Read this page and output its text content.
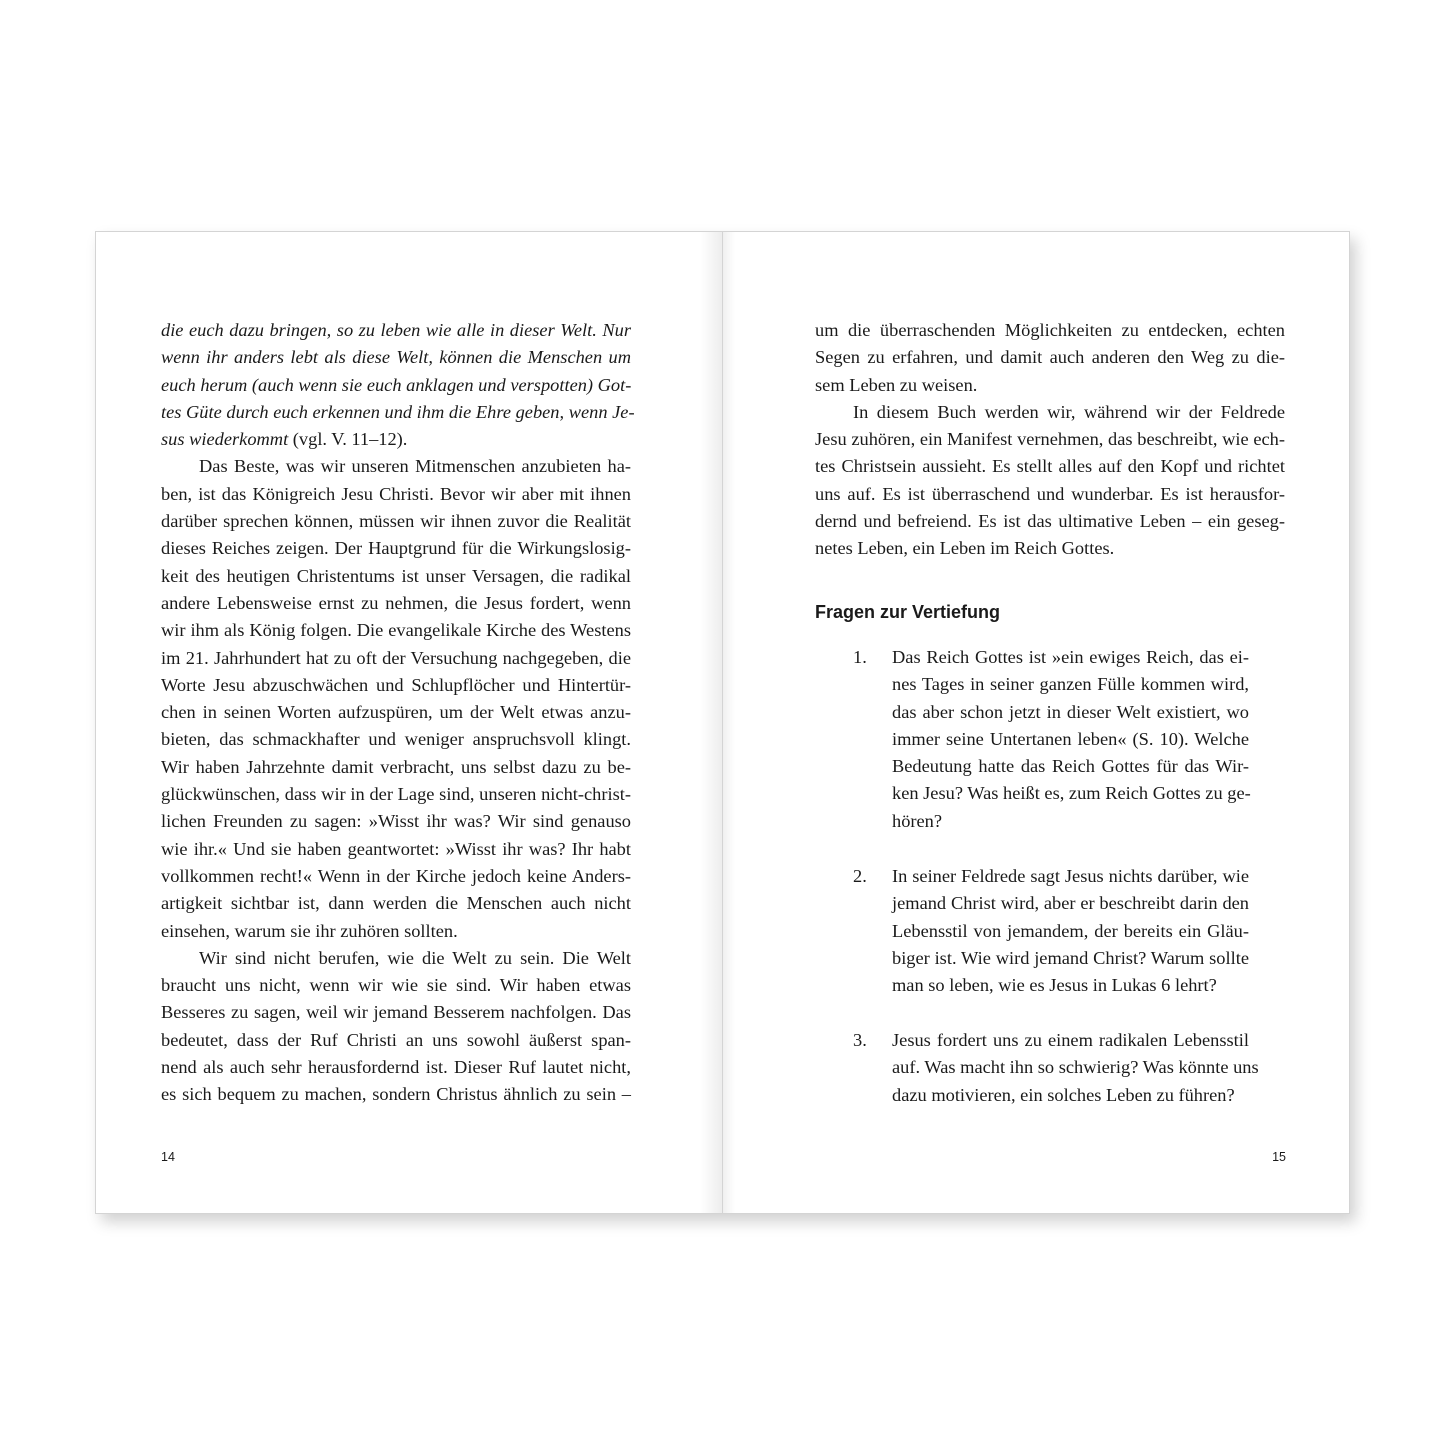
die euch dazu bringen, so zu leben wie alle in dieser Welt. Nur
wenn ihr anders lebt als diese Welt, können die Menschen um
euch herum (auch wenn sie euch anklagen und verspotten) Got-
tes Güte durch euch erkennen und ihm die Ehre geben, wenn Je-
sus wiederkommt (vgl. V. 11–12).
Das Beste, was wir unseren Mitmenschen anzubieten ha-
ben, ist das Königreich Jesu Christi. Bevor wir aber mit ihnen
darüber sprechen können, müssen wir ihnen zuvor die Realität
dieses Reiches zeigen. Der Hauptgrund für die Wirkungslosig-
keit des heutigen Christentums ist unser Versagen, die radikal
andere Lebensweise ernst zu nehmen, die Jesus fordert, wenn
wir ihm als König folgen. Die evangelikale Kirche des Westens
im 21. Jahrhundert hat zu oft der Versuchung nachgegeben, die
Worte Jesu abzuschwächen und Schlupflöcher und Hintertür-
chen in seinen Worten aufzuspüren, um der Welt etwas anzu-
bieten, das schmackhafter und weniger anspruchsvoll klingt.
Wir haben Jahrzehnte damit verbracht, uns selbst dazu zu be-
glückwünschen, dass wir in der Lage sind, unseren nicht-christ-
lichen Freunden zu sagen: »Wisst ihr was? Wir sind genauso
wie ihr.« Und sie haben geantwortet: »Wisst ihr was? Ihr habt
vollkommen recht!« Wenn in der Kirche jedoch keine Anders-
artigkeit sichtbar ist, dann werden die Menschen auch nicht
einsehen, warum sie ihr zuhören sollten.
Wir sind nicht berufen, wie die Welt zu sein. Die Welt
braucht uns nicht, wenn wir wie sie sind. Wir haben etwas
Besseres zu sagen, weil wir jemand Besserem nachfolgen. Das
bedeutet, dass der Ruf Christi an uns sowohl äußerst span-
nend als auch sehr herausfordernd ist. Dieser Ruf lautet nicht,
es sich bequem zu machen, sondern Christus ähnlich zu sein –
14
um die überraschenden Möglichkeiten zu entdecken, echten
Segen zu erfahren, und damit auch anderen den Weg zu die-
sem Leben zu weisen.
In diesem Buch werden wir, während wir der Feldrede
Jesu zuhören, ein Manifest vernehmen, das beschreibt, wie ech-
tes Christsein aussieht. Es stellt alles auf den Kopf und richtet
uns auf. Es ist überraschend und wunderbar. Es ist herausfor-
dernd und befreiend. Es ist das ultimative Leben – ein geseg-
netes Leben, ein Leben im Reich Gottes.
Fragen zur Vertiefung
1. Das Reich Gottes ist »ein ewiges Reich, das ei-
nes Tages in seiner ganzen Fülle kommen wird,
das aber schon jetzt in dieser Welt existiert, wo
immer seine Untertanen leben« (S. 10). Welche
Bedeutung hatte das Reich Gottes für das Wir-
ken Jesu? Was heißt es, zum Reich Gottes zu ge-
hören?
2. In seiner Feldrede sagt Jesus nichts darüber, wie
jemand Christ wird, aber er beschreibt darin den
Lebensstil von jemandem, der bereits ein Gläu-
biger ist. Wie wird jemand Christ? Warum sollte
man so leben, wie es Jesus in Lukas 6 lehrt?
3. Jesus fordert uns zu einem radikalen Lebensstil
auf. Was macht ihn so schwierig? Was könnte uns
dazu motivieren, ein solches Leben zu führen?
15
